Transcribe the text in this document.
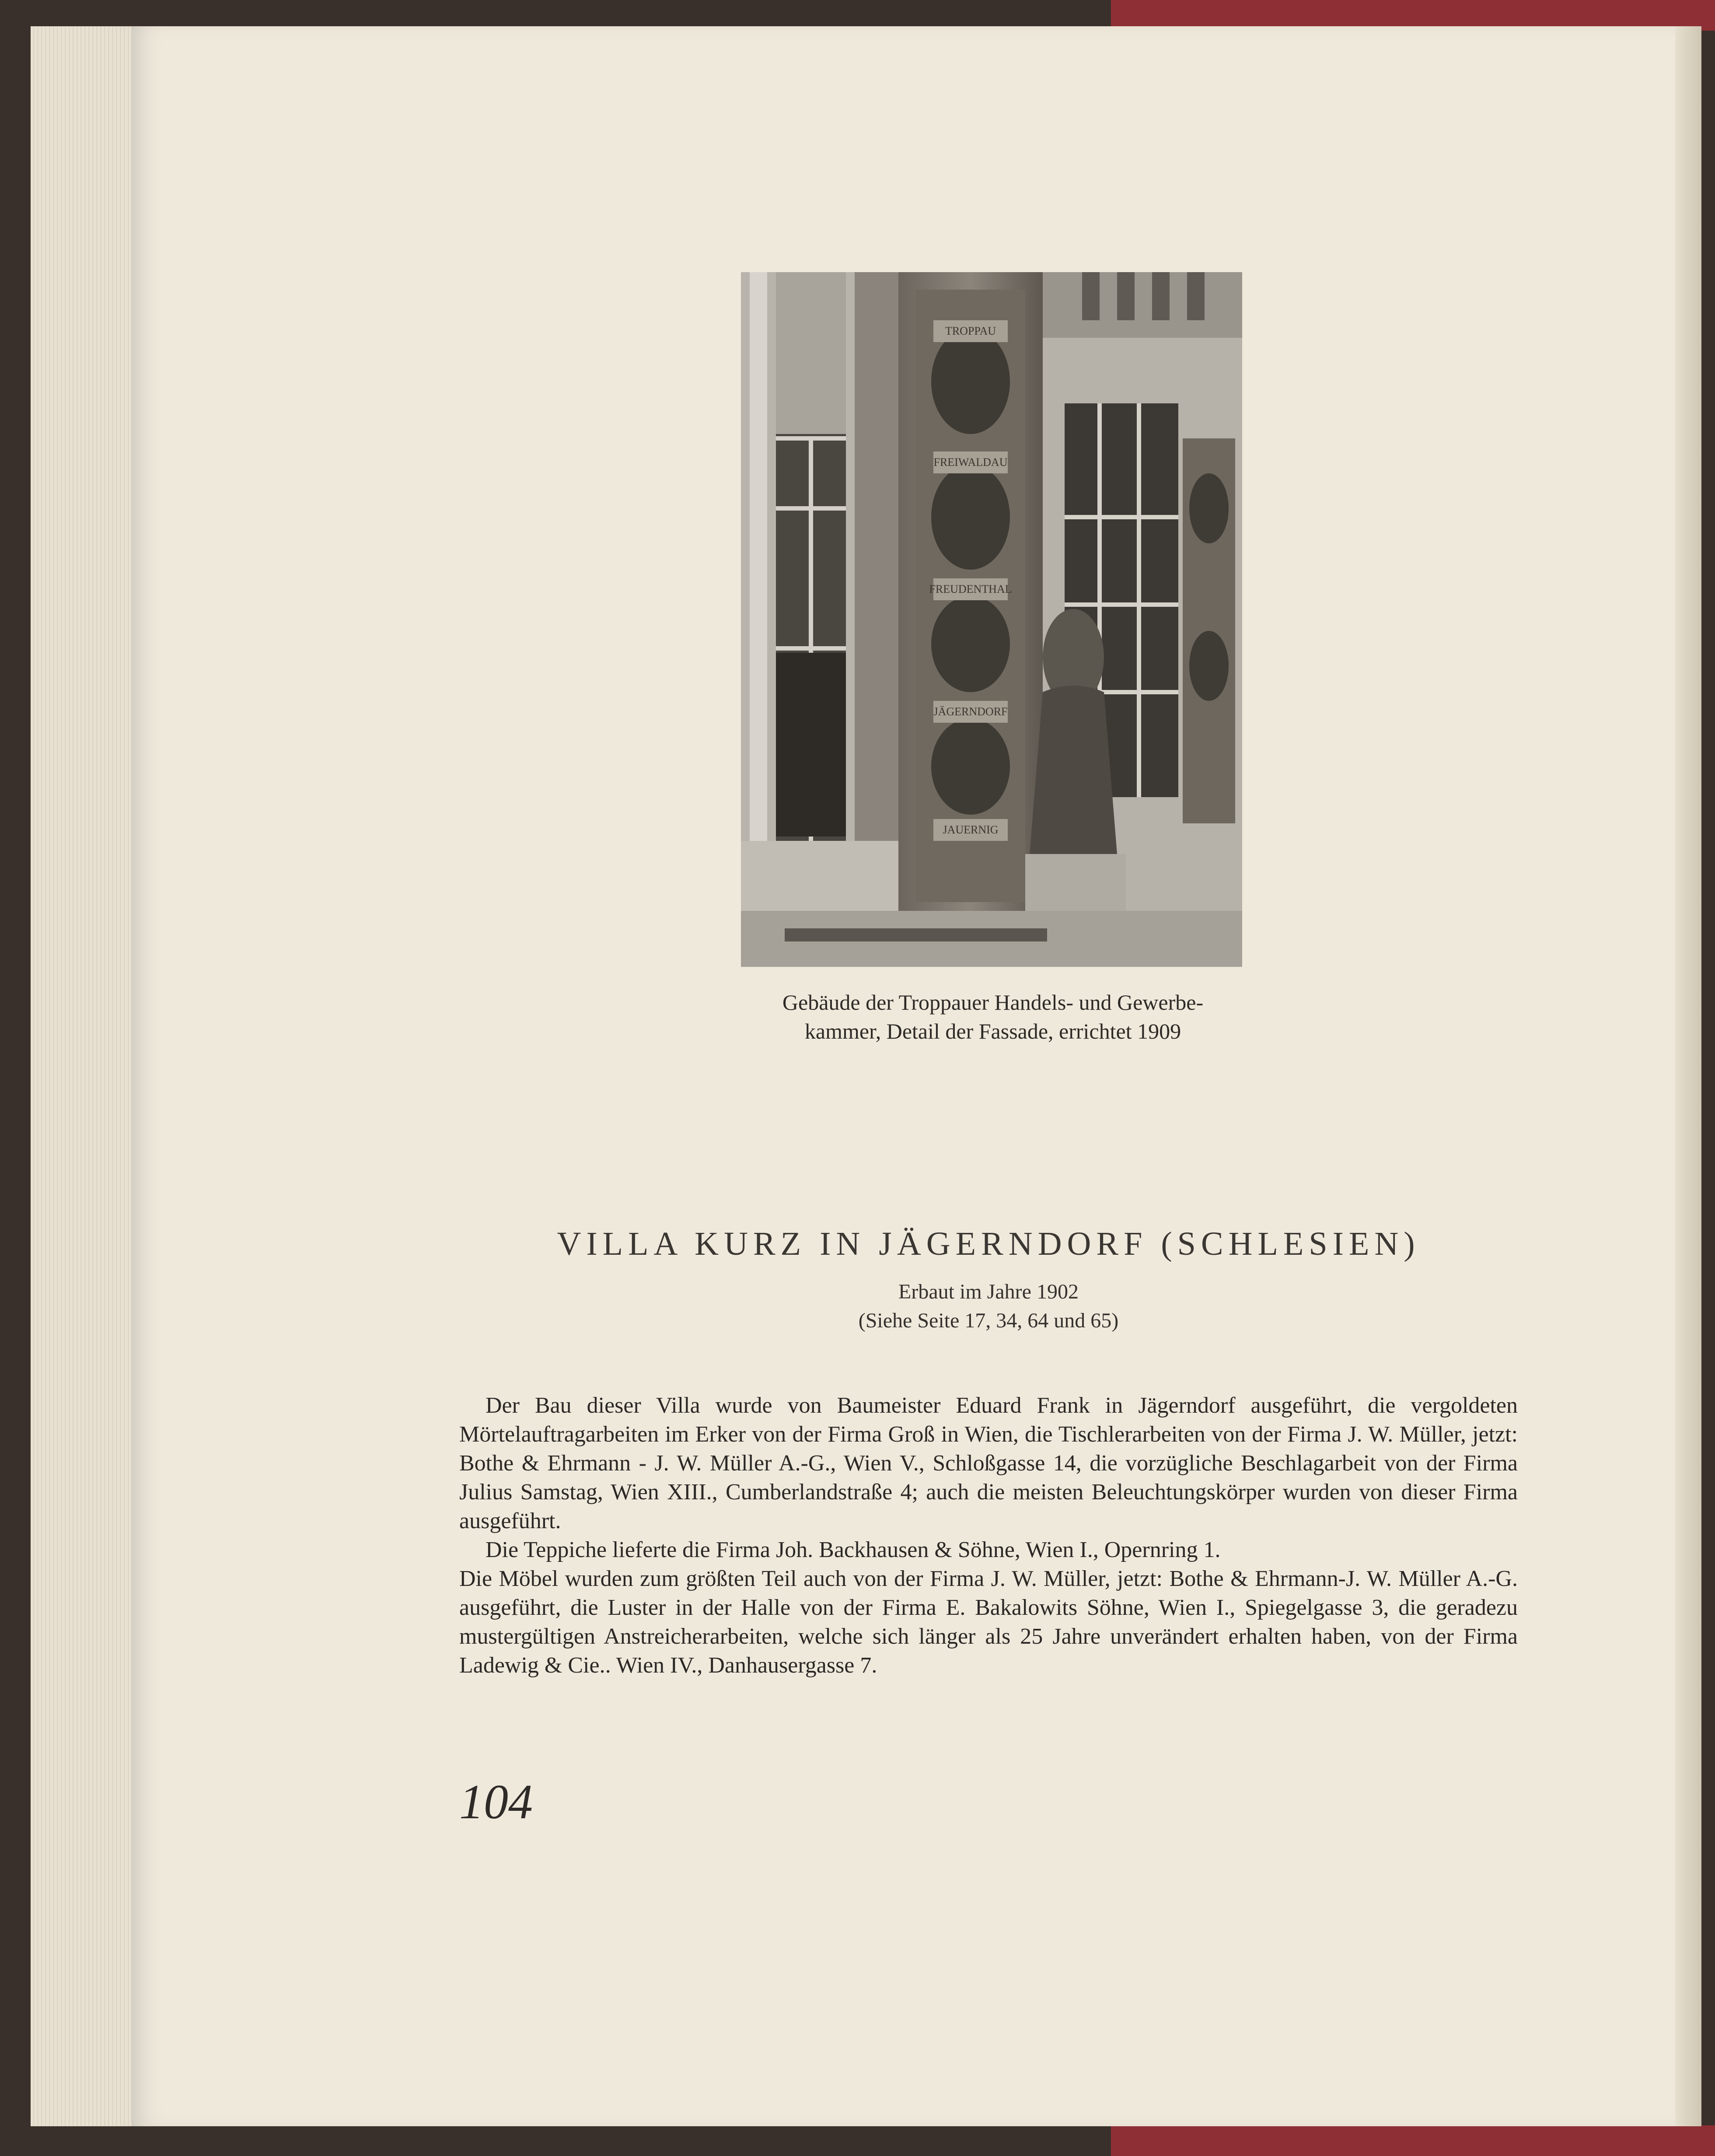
TROPPAU
FREIWALDAU
FREUDENTHAL
JÄGERNDORF
JAUERNIG
Gebäude der Troppauer Handels- und Gewerbe-
kammer, Detail der Fassade, errichtet 1909
VILLA KURZ IN JÄGERNDORF (SCHLESIEN)
Erbaut im Jahre 1902
(Siehe Seite 17, 34, 64 und 65)

Der Bau dieser Villa wurde von Baumeister Eduard Frank in Jägerndorf ausgeführt, die vergoldeten Mörtelauftragarbeiten im Erker von der Firma Groß in Wien, die Tischlerarbeiten von der Firma J. W. Müller, jetzt: Bothe & Ehrmann - J. W. Müller A.-G., Wien V., Schloßgasse 14, die vorzügliche Beschlagarbeit von der Firma Julius Samstag, Wien XIII., Cumberlandstraße 4; auch die meisten Beleuchtungskörper wurden von dieser Firma ausgeführt.

Die Teppiche lieferte die Firma Joh. Backhausen & Söhne, Wien I., Opernring 1.

Die Möbel wurden zum größten Teil auch von der Firma J. W. Müller, jetzt: Bothe & Ehrmann-J. W. Müller A.-G. ausgeführt, die Luster in der Halle von der Firma E. Bakalowits Söhne, Wien I., Spiegelgasse 3, die geradezu mustergültigen Anstreicherarbeiten, welche sich länger als 25 Jahre unverändert erhalten haben, von der Firma Ladewig & Cie.. Wien IV., Danhausergasse 7.

104
